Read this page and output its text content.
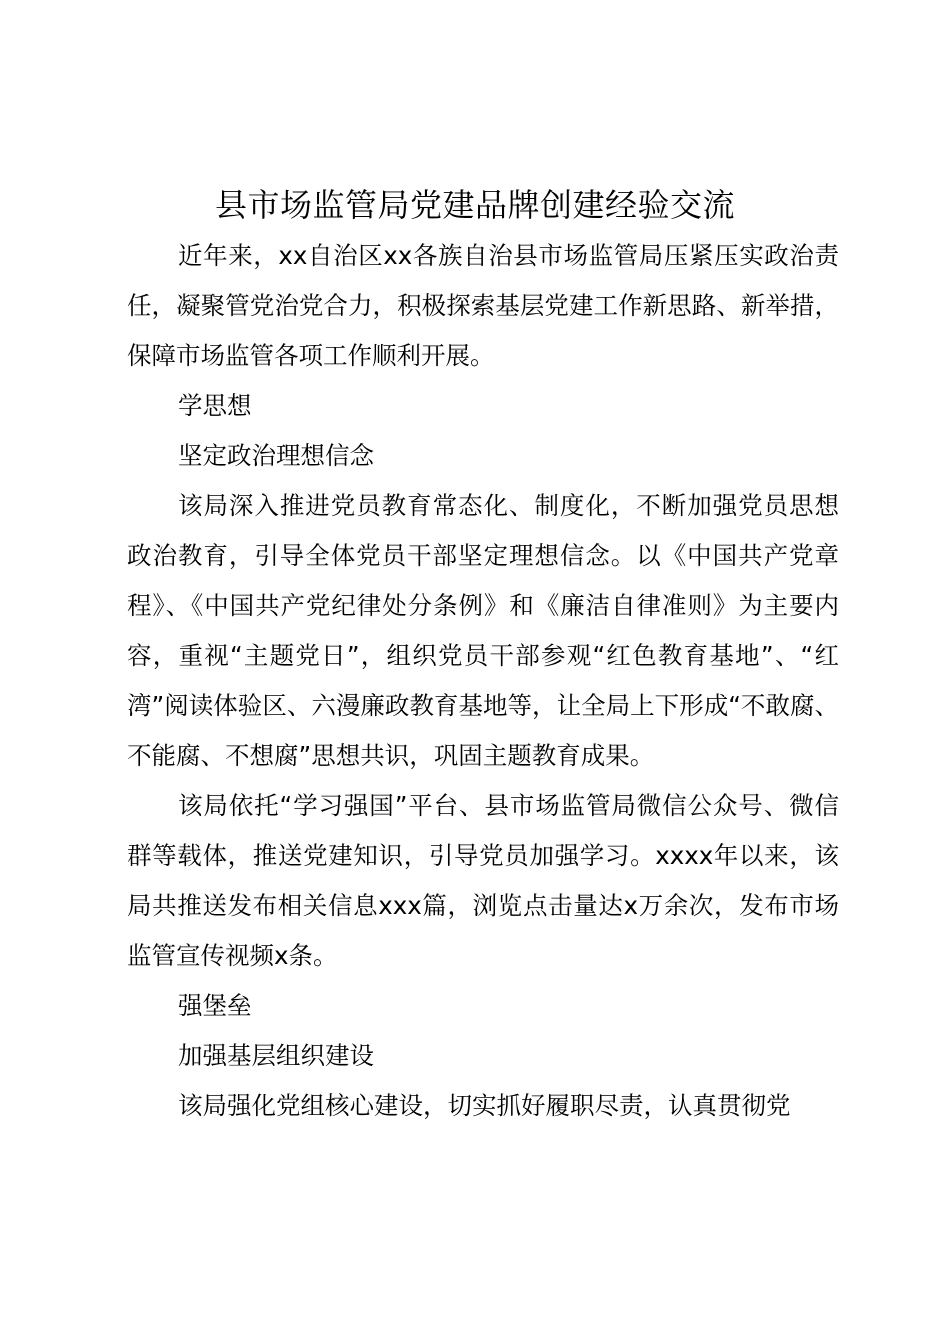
县市场监管局党建品牌创建经验交流

近年来，xx自治区xx各族自治县市场监管局压紧压实政治责任，凝聚管党治党合力，积极探索基层党建工作新思路、新举措，保障市场监管各项工作顺利开展。

学思想

坚定政治理想信念

该局深入推进党员教育常态化、制度化，不断加强党员思想政治教育，引导全体党员干部坚定理想信念。以《中国共产党章程》、《中国共产党纪律处分条例》和《廉洁自律准则》为主要内容，重视“主题党日”，组织党员干部参观“红色教育基地”、“红湾”阅读体验区、六漫廉政教育基地等，让全局上下形成“不敢腐、不能腐、不想腐”思想共识，巩固主题教育成果。

该局依托“学习强国”平台、县市场监管局微信公众号、微信群等载体，推送党建知识，引导党员加强学习。xxxx年以来，该局共推送发布相关信息xxx篇，浏览点击量达x万余次，发布市场监管宣传视频x条。

强堡垒

加强基层组织建设

该局强化党组核心建设，切实抓好履职尽责，认真贯彻党
